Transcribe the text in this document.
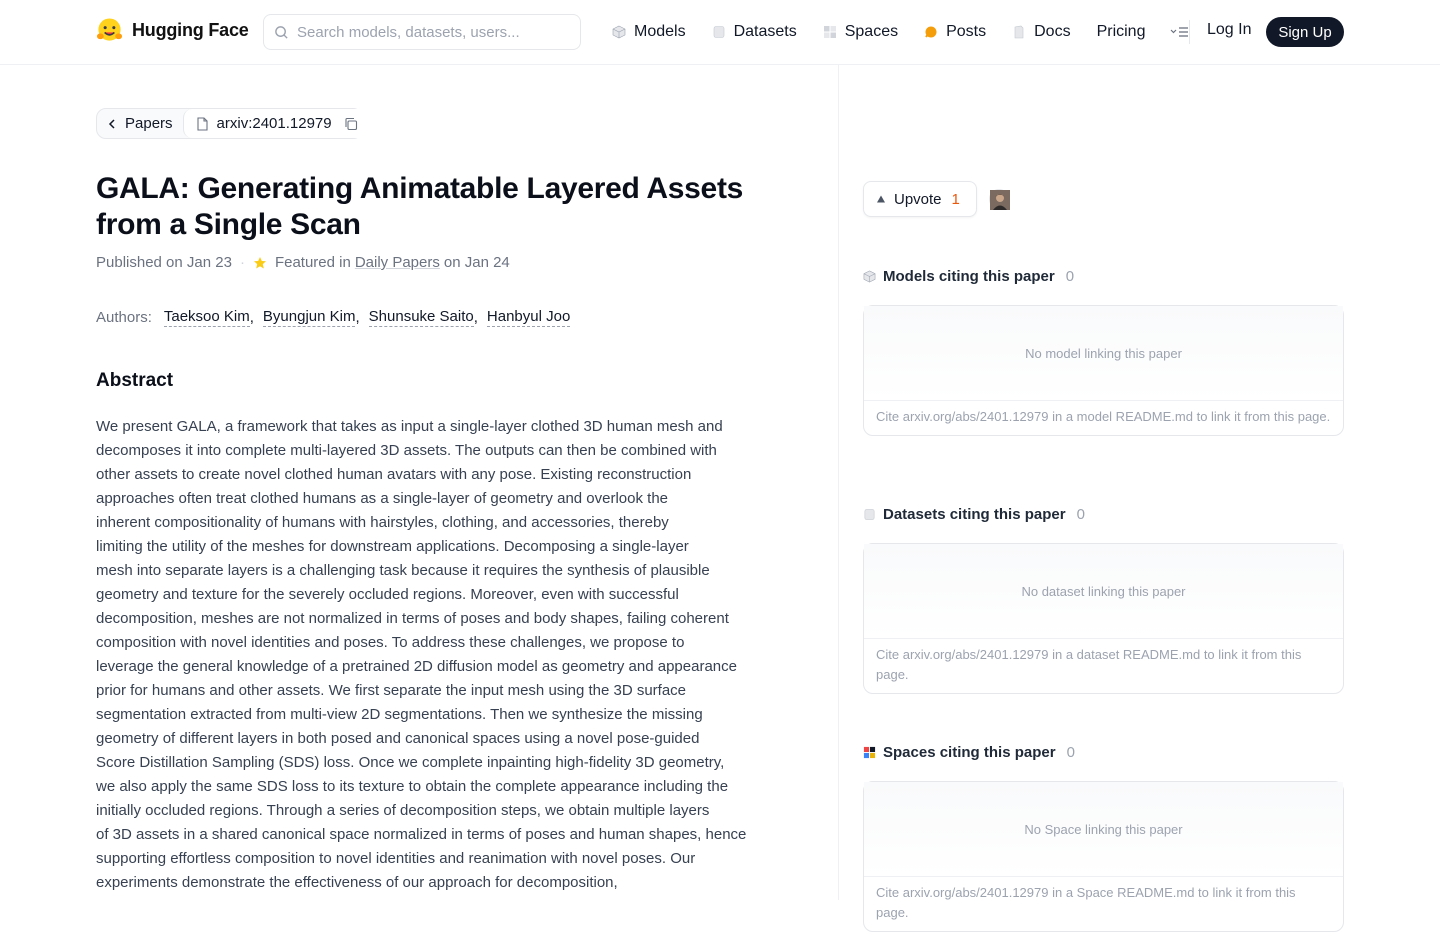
Hugging Face
Search models, datasets, users...	Models	Datasets	Spaces	Posts	Docs Pricing	Log In	Sign Up
Papers	arxiv:2401.12979
GALA: Generating Animatable Layered Assets from a Single Scan
Published on Jan 23 · Featured in Daily Papers on Jan 24
Authors: Taeksoo Kim , Byungjun Kim , Shunsuke Saito , Hanbyul Joo
Abstract
We present GALA, a framework that takes as input a single-layer clothed 3D human mesh and
decomposes it into complete multi-layered 3D assets. The outputs can then be combined with
other assets to create novel clothed human avatars with any pose. Existing reconstruction
approaches often treat clothed humans as a single-layer of geometry and overlook the
inherent compositionality of humans with hairstyles, clothing, and accessories, thereby
limiting the utility of the meshes for downstream applications. Decomposing a single-layer
mesh into separate layers is a challenging task because it requires the synthesis of plausible
geometry and texture for the severely occluded regions. Moreover, even with successful
decomposition, meshes are not normalized in terms of poses and body shapes, failing coherent
composition with novel identities and poses. To address these challenges, we propose to
leverage the general knowledge of a pretrained 2D diffusion model as geometry and appearance
prior for humans and other assets. We first separate the input mesh using the 3D surface
segmentation extracted from multi-view 2D segmentations. Then we synthesize the missing
geometry of different layers in both posed and canonical spaces using a novel pose-guided
Score Distillation Sampling (SDS) loss. Once we complete inpainting high-fidelity 3D geometry,
we also apply the same SDS loss to its texture to obtain the complete appearance including the
initially occluded regions. Through a series of decomposition steps, we obtain multiple layers
of 3D assets in a shared canonical space normalized in terms of poses and human shapes, hence
supporting effortless composition to novel identities and reanimation with novel poses. Our
experiments demonstrate the effectiveness of our approach for decomposition,
Upvote 1
Models citing this paper 0
No model linking this paper
Cite arxiv.org/abs/2401.12979 in a model README.md to link it from this page.
Datasets citing this paper 0
No dataset linking this paper
Cite arxiv.org/abs/2401.12979 in a dataset README.md to link it from this page.
Spaces citing this paper 0
No Space linking this paper
Cite arxiv.org/abs/2401.12979 in a Space README.md to link it from this page.
